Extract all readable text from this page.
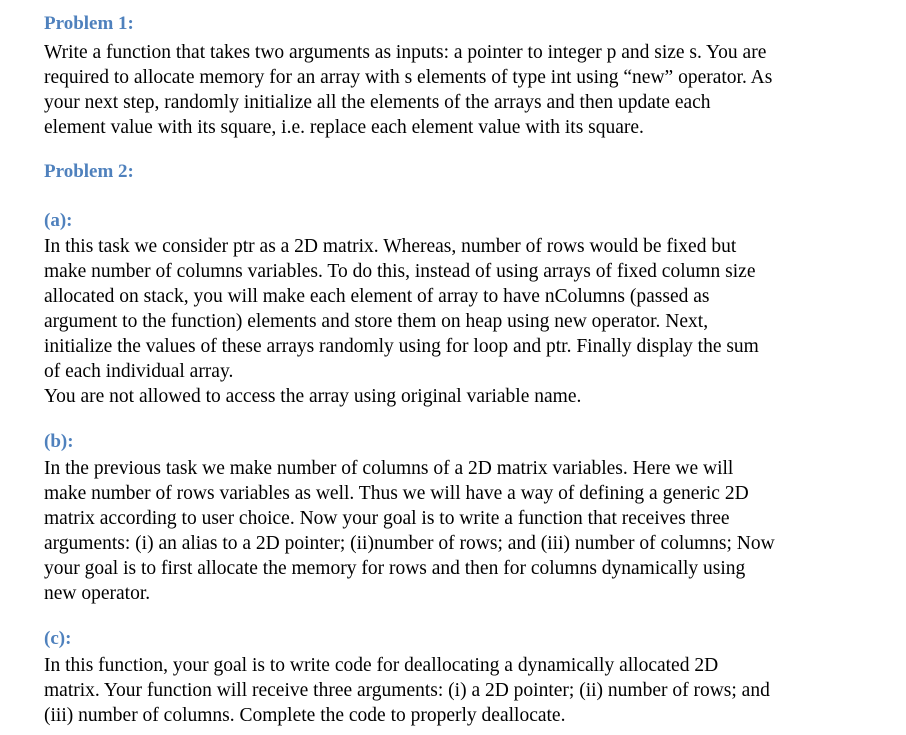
Problem 1:
Write a function that takes two arguments as inputs: a pointer to integer p and size s. You are
required to allocate memory for an array with s elements of type int using “new” operator. As
your next step, randomly initialize all the elements of the arrays and then update each
element value with its square, i.e. replace each element value with its square.
Problem 2:
(a):
In this task we consider ptr as a 2D matrix. Whereas, number of rows would be fixed but
make number of columns variables. To do this, instead of using arrays of fixed column size
allocated on stack, you will make each element of array to have nColumns (passed as
argument to the function) elements and store them on heap using new operator. Next,
initialize the values of these arrays randomly using for loop and ptr. Finally display the sum
of each individual array.
You are not allowed to access the array using original variable name.
(b):
In the previous task we make number of columns of a 2D matrix variables. Here we will
make number of rows variables as well. Thus we will have a way of defining a generic 2D
matrix according to user choice. Now your goal is to write a function that receives three
arguments: (i) an alias to a 2D pointer; (ii)number of rows; and (iii) number of columns; Now
your goal is to first allocate the memory for rows and then for columns dynamically using
new operator.
(c):
In this function, your goal is to write code for deallocating a dynamically allocated 2D
matrix. Your function will receive three arguments: (i) a 2D pointer; (ii) number of rows; and
(iii) number of columns. Complete the code to properly deallocate.
